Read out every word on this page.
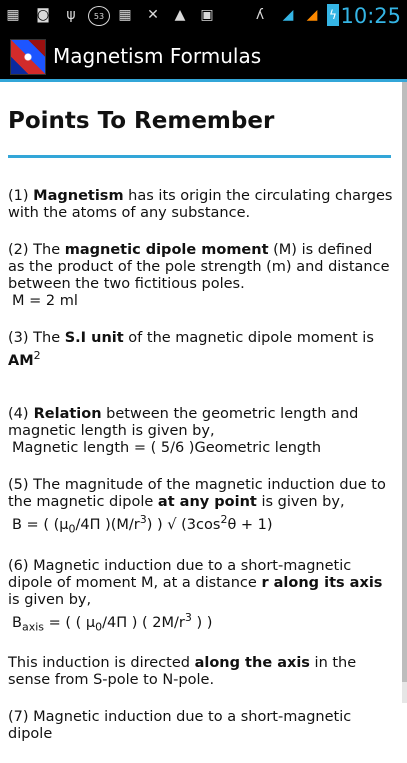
▦ ◙	ψ	53	▦ ✕ ▲ ▣	ʎ	◢ ◢ ϟ 10:25
Magnetism Formulas
Points To Remember

(1) Magnetism has its origin the circulating charges with the atoms of any substance.

(2) The magnetic dipole moment (M) is defined as the product of the pole strength (m) and distance between the two fictitious poles.
M = 2 ml

(3) The S.I unit of the magnetic dipole moment is $AM^2$

(4) Relation between the geometric length and magnetic length is given by,
Magnetic length = ( 5/6 )Geometric length

(5) The magnitude of the magnetic induction due to the magnetic dipole at any point is given by,
B = ( ($\mu_0/4\Pi$ )$(M/r^3)$ ) √ $(3\cos^2\theta + 1)$

(6) Magnetic induction due to a short-magnetic dipole of moment M, at a distance r along its axis is given by,
$B_{axis}$ = ( ( $\mu_0/4\Pi$ ) ( $2M/r^3$ ) )

This induction is directed along the axis in the sense from S-pole to N-pole.

(7) Magnetic induction due to a short-magnetic dipole
